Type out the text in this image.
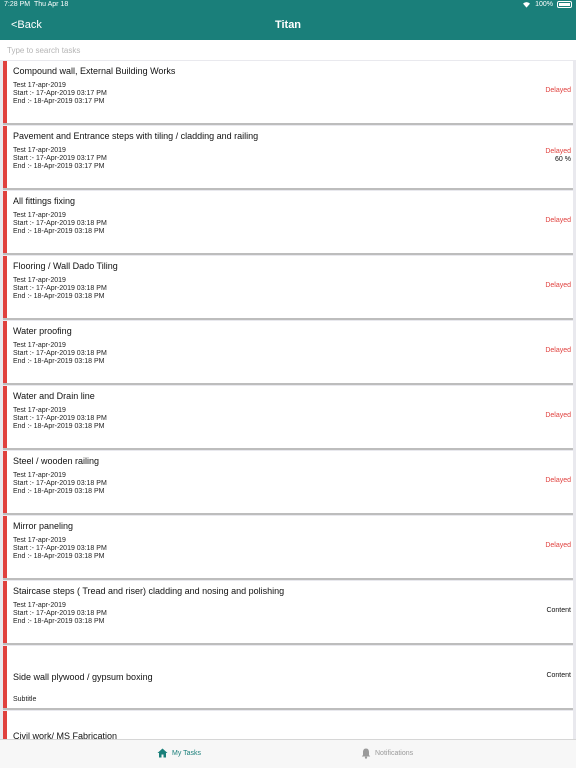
7:28 PM Thu Apr 18	100%
<Back	Titan
Type to search tasks
Compound wall, External Building Works
Test 17-apr-2019
Start :- 17-Apr-2019 03:17 PM
End :- 18-Apr-2019 03:17 PM
Delayed
Pavement and Entrance steps with tiling / cladding and railing
Test 17-apr-2019
Start :- 17-Apr-2019 03:17 PM
End :- 18-Apr-2019 03:17 PM
Delayed
60 %
All fittings fixing
Test 17-apr-2019
Start :- 17-Apr-2019 03:18 PM
End :- 18-Apr-2019 03:18 PM
Delayed
Flooring / Wall Dado Tiling
Test 17-apr-2019
Start :- 17-Apr-2019 03:18 PM
End :- 18-Apr-2019 03:18 PM
Delayed
Water proofing
Test 17-apr-2019
Start :- 17-Apr-2019 03:18 PM
End :- 18-Apr-2019 03:18 PM
Delayed
Water and Drain line
Test 17-apr-2019
Start :- 17-Apr-2019 03:18 PM
End :- 18-Apr-2019 03:18 PM
Delayed
Steel / wooden railing
Test 17-apr-2019
Start :- 17-Apr-2019 03:18 PM
End :- 18-Apr-2019 03:18 PM
Delayed
Mirror paneling
Test 17-apr-2019
Start :- 17-Apr-2019 03:18 PM
End :- 18-Apr-2019 03:18 PM
Delayed
Staircase steps ( Tread and riser) cladding and nosing and polishing
Test 17-apr-2019
Start :- 17-Apr-2019 03:18 PM
End :- 18-Apr-2019 03:18 PM
Content
Side wall plywood / gypsum boxing
Subtitle
Content
Civil work/ MS Fabrication
My Tasks	Notifications
